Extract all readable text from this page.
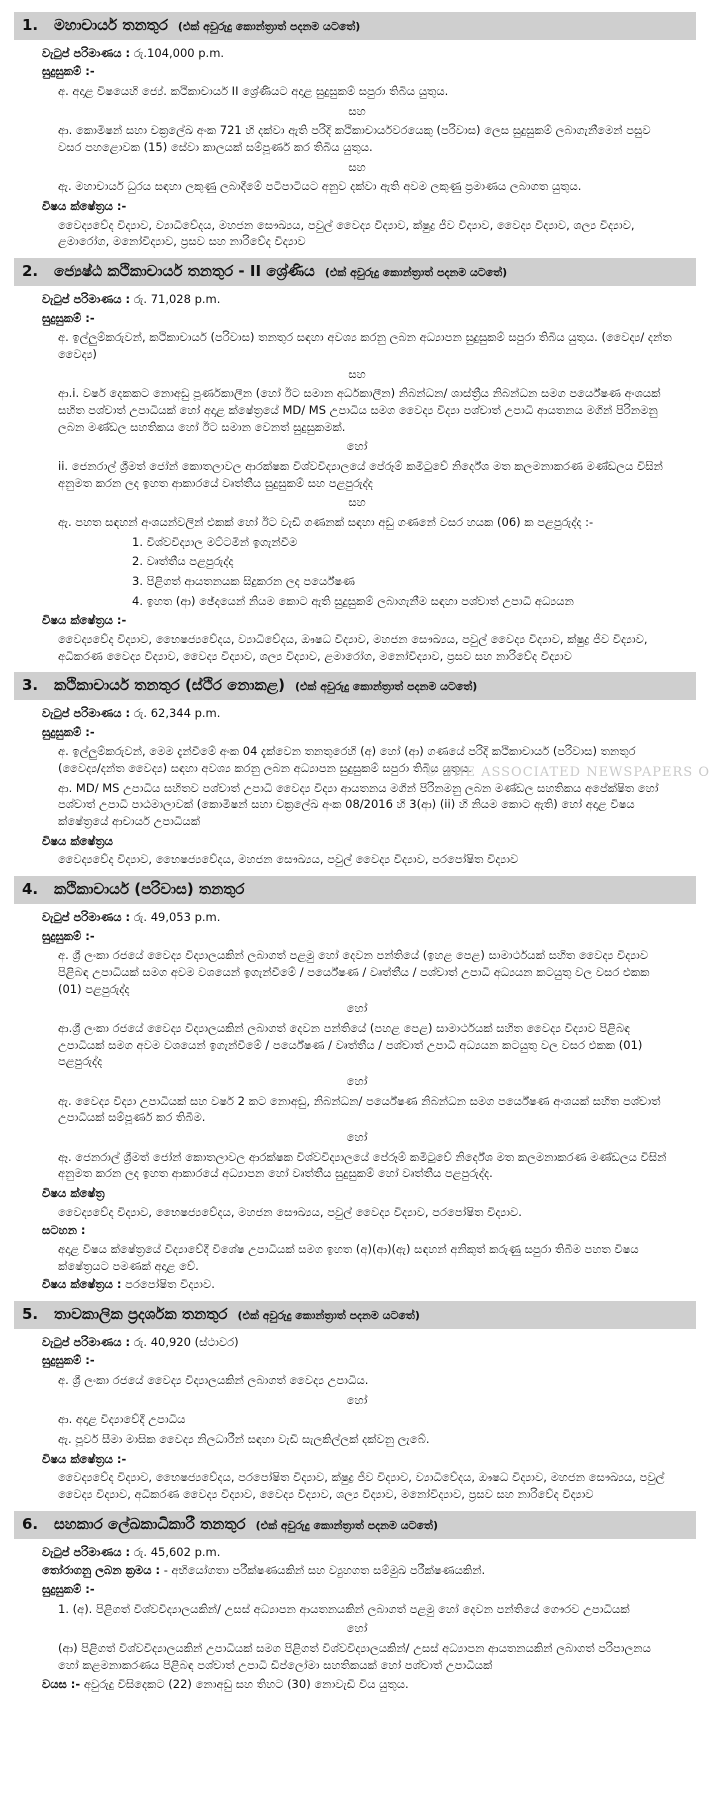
© THE ASSOCIATED NEWSPAPERS O
1.	මහාචාර්ය තනතුර (එක් අවුරුදු කොන්ත්‍රාත් පදනම යටතේ)
වැටුප් පරිමාණය : රු.104,000 p.m.
සුදුසුකම් :-
අ. අදාළ විෂයෙහි ජ්‍යේ. කථිකාචාර්ය II ශ්‍රේණියට අදාළ සුදුසුකම් සපුරා තිබිය යුතුය.
සහ
ආ. කොමිෂන් සහා චක්‍රලේඛ අංක 721 හි දක්වා ඇති පරිදි කථිකාචාර්යවරයෙකු (පරිවාස) ලෙස සුදුසුකම් ලබාගැනීමෙන් පසුව වසර පහළොවක (15) සේවා කාලයක් සම්පූර්ණ කර තිබිය යුතුය.
සහ
ඇ. මහාචාර්ය ධුරය සඳහා ලකුණු ලබාදීමේ පටිපාටියට අනුව දක්වා ඇති අවම ලකුණු ප්‍රමාණය ලබාගත යුතුය.
විෂය ක්ෂේත්‍රය :-
වෛද්‍යවේද විද්‍යාව, ව්‍යාධිවේදය, මහජන සෞඛ්‍යය, පවුල් වෛද්‍ය විද්‍යාව, ක්ෂුද්‍ර ජීව විද්‍යාව, වෛද්‍ය විද්‍යාව, ශල්‍ය විද්‍යාව, ළමාරෝග, මනෝවිද්‍යාව, ප්‍රසව සහ නාරිවේද විද්‍යාව
2.	ජ්‍යෙෂ්ඨ කථිකාචාර්ය තනතුර - II ශ්‍රේණිය (එක් අවුරුදු කොන්ත්‍රාත් පදනම යටතේ)
වැටුප් පරිමාණය : රු. 71,028 p.m.
සුදුසුකම් :-
අ. ඉල්ලුම්කරුවන්, කථිකාචාර්ය (පරිවාස) තනතුර සඳහා අවශ්‍ය කරනු ලබන අධ්‍යාපන සුදුසුකම් සපුරා තිබිය යුතුය. (වෛද්‍ය/ දන්ත වෛද්‍ය)
සහ
ආ.i. වර්ෂ දෙකකට නොඅඩු පූර්ණකාලීන (හෝ ඊට සමාන අර්ධකාලීන) නිබන්ධන/ ශාස්ත්‍රීය නිබන්ධන සමග පර්යේෂණ අංශයක් සහිත පශ්චාත් උපාධියක් හෝ අදාළ ක්ෂේත්‍රයේ MD/ MS උපාධිය සමග වෛද්‍ය විද්‍යා පශ්චාත් උපාධි ආයතනය මගින් පිරිනමනු ලබන මණ්ඩල සහතිකය හෝ ඊට සමාන වෙනත් සුදුසුකමක්.
හෝ
ii. ජෙනරාල් ශ්‍රීමත් ජෝන් කොතලාවල ආරක්ෂක විශ්වවිද්‍යාලයේ පේරූම් කමිටුවේ නිර්දේශ මත කලමනාකරණ මණ්ඩලය විසින් අනුමත කරන ලද ඉහත ආකාරයේ වෘත්තීය සුදුසුකම් සහ පළපුරුද්ද
සහ
ඇ. පහත සඳහන් අංශයන්වලින් එකක් හෝ ඊට වැඩි ගණනක් සඳහා අඩු ගණනේ වසර හයක (06) ක පළපුරුද්ද :-
1. විශ්වවිද්‍යාල මට්ටමින් ඉගැන්වීම
2. වෘත්තීය පළපුරුද්ද
3. පිළිගත් ආයතනයක සිදුකරන ලද පර්යේෂණ
4. ඉහත (ආ) ඡේදයෙන් නියම කොට ඇති සුදුසුකම් ලබාගැනීම සඳහා පශ්චාත් උපාධි අධ්‍යයන
විෂය ක්ෂේත්‍රය :-
වෛද්‍යවේද විද්‍යාව, භෛෂජ්‍යවේදය, ව්‍යාධිවේදය, ඖෂධ විද්‍යාව, මහජන සෞඛ්‍යය, පවුල් වෛද්‍ය විද්‍යාව, ක්ෂුද්‍ර ජීව විද්‍යාව, අධිකරණ වෛද්‍ය විද්‍යාව, වෛද්‍ය විද්‍යාව, ශල්‍ය විද්‍යාව, ළමාරෝග, මනෝවිද්‍යාව, ප්‍රසව සහ නාරිවේද විද්‍යාව
3.	කථිකාචාර්ය තනතුර (ස්ථිර නොකළ) (එක් අවුරුදු කොන්ත්‍රාත් පදනම යටතේ)
වැටුප් පරිමාණය : රු. 62,344 p.m.
සුදුසුකම් :-
අ. ඉල්ලුම්කරුවන්, මෙම දැන්වීමේ අංක 04 දැක්වෙන තනතුරෙහි (අ) හෝ (ආ) ගණයේ පරිදි කථිකාචාර්ය (පරිවාස) තනතුර (වෛද්‍ය/දන්ත වෛද්‍ය) සඳහා අවශ්‍ය කරනු ලබන අධ්‍යාපන සුදුසුකම් සපුරා තිබිය යුතුය.
ආ. MD/ MS උපාධිය සහිතව පශ්චාත් උපාධි වෛද්‍ය විද්‍යා ආයතනය මගින් පිරිනමනු ලබන මණ්ඩල සහතිකය අපේක්ෂිත හෝ පශ්චාත් උපාධි පාඨමාලාවක් (කොමිෂන් සහා චක්‍රලේඛ අංක 08/2016 හි 3(ආ) (ii) හි නියම කොට ඇති) හෝ අදාළ විෂය ක්ෂේත්‍රයේ ආචාර්ය උපාධියක්
විෂය ක්ෂේත්‍රය
වෛද්‍යවේද විද්‍යාව, භෛෂජ්‍යවේදය, මහජන සෞඛ්‍යය, පවුල් වෛද්‍ය විද්‍යාව, පරපෝෂිත විද්‍යාව
4.	කථිකාචාර්ය (පරිවාස) තනතුර
වැටුප් පරිමාණය : රු. 49,053 p.m.
සුදුසුකම් :-
අ. ශ්‍රී ලංකා රජයේ වෛද්‍ය විද්‍යාලයකින් ලබාගත් පළමු හෝ දෙවන පන්තියේ (ඉහළ පෙළ) සාමාර්ථයක් සහිත වෛද්‍ය විද්‍යාව පිළිබඳ උපාධියක් සමග අවම වශයෙන් ඉගැන්වීමේ / පර්යේෂණ / වෘත්තීය / පශ්චාත් උපාධි අධ්‍යයන කටයුතු වල වසර එකක (01) පළපුරුද්ද
හෝ
ආ.ශ්‍රී ලංකා රජයේ වෛද්‍ය විද්‍යාලයකින් ලබාගත් දෙවන පන්තියේ (පහළ පෙළ) සාමාර්ථයක් සහිත වෛද්‍ය විද්‍යාව පිළිබඳ උපාධියක් සමග අවම වශයෙන් ඉගැන්වීමේ / පර්යේෂණ / වෘත්තීය / පශ්චාත් උපාධි අධ්‍යයන කටයුතු වල වසර එකක (01) පළපුරුද්ද
හෝ
ඇ. වෛද්‍ය විද්‍යා උපාධියක් සහ වර්ෂ 2 කට නොඅඩු, නිබන්ධන/ පර්යේෂණ නිබන්ධන සමග පර්යේෂණ අංශයක් සහිත පශ්චාත් උපාධියක් සම්පූර්ණ කර තිබීම.
හෝ
ඈ. ජෙනරාල් ශ්‍රීමත් ජෝන් කොතලාවල ආරක්ෂක විශ්වවිද්‍යාලයේ පේරූම් කමිටුවේ නිර්දේශ මත කලමනාකරණ මණ්ඩලය විසින් අනුමත කරන ලද ඉහත ආකාරයේ අධ්‍යාපන හෝ වෘත්තීය සුදුසුකම් හෝ වෘත්තීය පළපුරුද්ද.
විෂය ක්ෂේත්‍ර
වෛද්‍යවේද විද්‍යාව, භෛෂජ්‍යවේදය, මහජන සෞඛ්‍යය, පවුල් වෛද්‍ය විද්‍යාව, පරපෝෂිත විද්‍යාව.
සටහන :
අදාළ විෂය ක්ෂේත්‍රයේ විද්‍යාවේදී විශේෂ උපාධියක් සමග ඉහත (අ)(ආ)(ඇ) සඳහන් අනිකුත් කරුණු සපුරා තිබීම පහත විෂය ක්ෂේත්‍රයට පමණක් අදාළ වේ.
විෂය ක්ෂේත්‍රය : පරපෝෂිත විද්‍යාව.
5.	තාවකාලික ප්‍රදර්ශක තනතුර (එක් අවුරුදු කොන්ත්‍රාත් පදනම යටතේ)
වැටුප් පරිමාණය : රු. 40,920 (ස්ථාවර)
සුදුසුකම් :-
අ. ශ්‍රී ලංකා රජයේ වෛද්‍ය විද්‍යාලයකින් ලබාගත් වෛද්‍ය උපාධිය.
හෝ
ආ. අදාළ විද්‍යාවේදී උපාධිය
ඇ. පූර්ව සීමා මාසික වෛද්‍ය නිලධාරීන් සඳහා වැඩි සැලකිල්ලක් දක්වනු ලැබේ.
විෂය ක්ෂේත්‍රය :-
වෛද්‍යවේද විද්‍යාව, භෛෂජ්‍යවේදය, පරපෝෂිත විද්‍යාව, ක්ෂුද්‍ර ජීව විද්‍යාව, ව්‍යාධිවේදය, ඖෂධ විද්‍යාව, මහජන සෞඛ්‍යය, පවුල් වෛද්‍ය විද්‍යාව, අධිකරණ වෛද්‍ය විද්‍යාව, වෛද්‍ය විද්‍යාව, ශල්‍ය විද්‍යාව, මනෝවිද්‍යාව, ප්‍රසව සහ නාරිවේද විද්‍යාව
6.	සහකාර ලේඛකාධිකාරී තනතුර (එක් අවුරුදු කොන්ත්‍රාත් පදනම යටතේ)
වැටුප් පරිමාණය : රු. 45,602 p.m.
තෝරාගනු ලබන ක්‍රමය : - අභියෝගතා පරීක්ෂණයකින් සහ ව්‍යුහගත සම්මුඛ පරීක්ෂණයකින්.
සුදුසුකම් :-
1. (අ). පිළිගත් විශ්වවිද්‍යාලයකින්/ උසස් අධ්‍යාපන ආයතනයකින් ලබාගත් පළමු හෝ දෙවන පන්තියේ ගෞරව උපාධියක්
හෝ
(ආ) පිළිගත් විශ්වවිද්‍යාලයකින් උපාධියක් සමග පිළිගත් විශ්වවිද්‍යාලයකින්/ උසස් අධ්‍යාපන ආයතනයකින් ලබාගත් පරිපාලනය හෝ කළමනාකරණය පිළිබඳ පශ්චාත් උපාධි ඩිප්ලෝමා සහතිකයක් හෝ පශ්චාත් උපාධියක්
වයස :- අවුරුදු විසිදෙකට (22) නොඅඩු සහ තිහට (30) නොවැඩි විය යුතුය.
